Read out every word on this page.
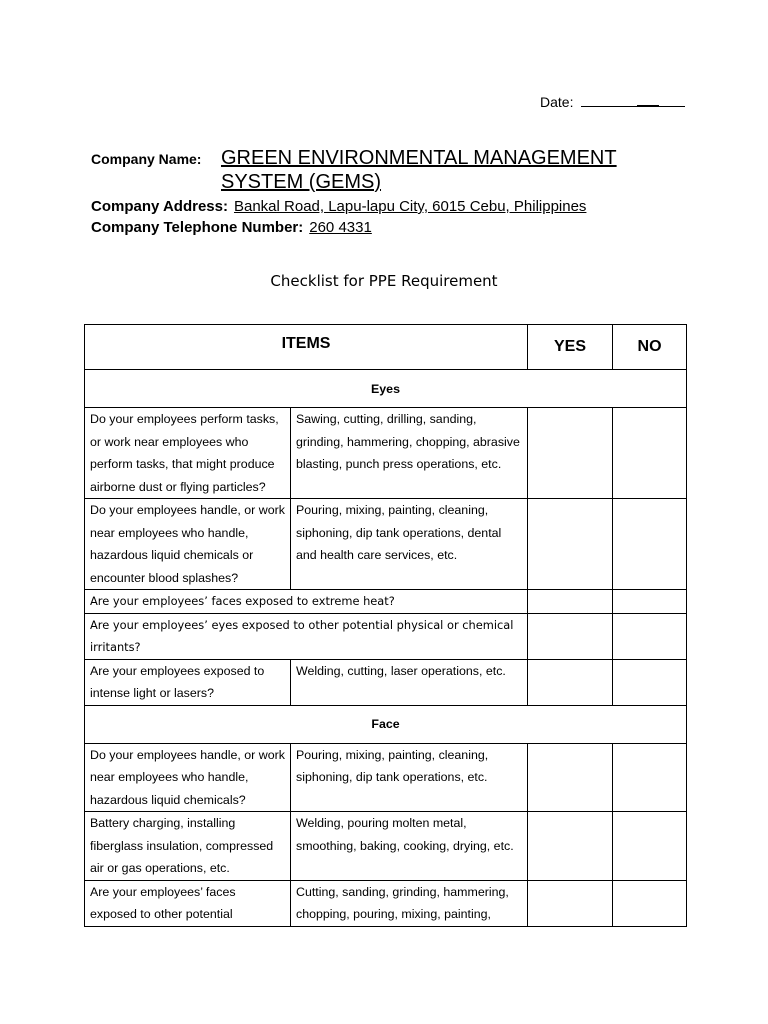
Date:
Company Name: GREEN ENVIRONMENTAL MANAGEMENT
SYSTEM (GEMS)
Company Address: Bankal Road, Lapu-lapu City, 6015 Cebu, Philippines
Company Telephone Number: 260 4331
Checklist for PPE Requirement
ITEMS		YES	NO
Eyes			
Do your employees perform tasks, or work near employees who perform tasks, that might produce airborne dust or flying particles?	Sawing, cutting, drilling, sanding, grinding, hammering, chopping, abrasive blasting, punch press operations, etc.		
Do your employees handle, or work near employees who handle, hazardous liquid chemicals or encounter blood splashes?	Pouring, mixing, painting, cleaning, siphoning, dip tank operations, dental and health care services, etc.		
Are your employees’ faces exposed to extreme heat?			
Are your employees’ eyes exposed to other potential physical or chemical irritants?			
Are your employees exposed to intense light or lasers?	Welding, cutting, laser operations, etc.		
Face			
Do your employees handle, or work near employees who handle, hazardous liquid chemicals?	Pouring, mixing, painting, cleaning, siphoning, dip tank operations, etc.		
Battery charging, installing fiberglass insulation, compressed air or gas operations, etc.	Welding, pouring molten metal, smoothing, baking, cooking, drying, etc.		
Are your employees’ faces exposed to other potential	Cutting, sanding, grinding, hammering, chopping, pouring, mixing, painting,		
